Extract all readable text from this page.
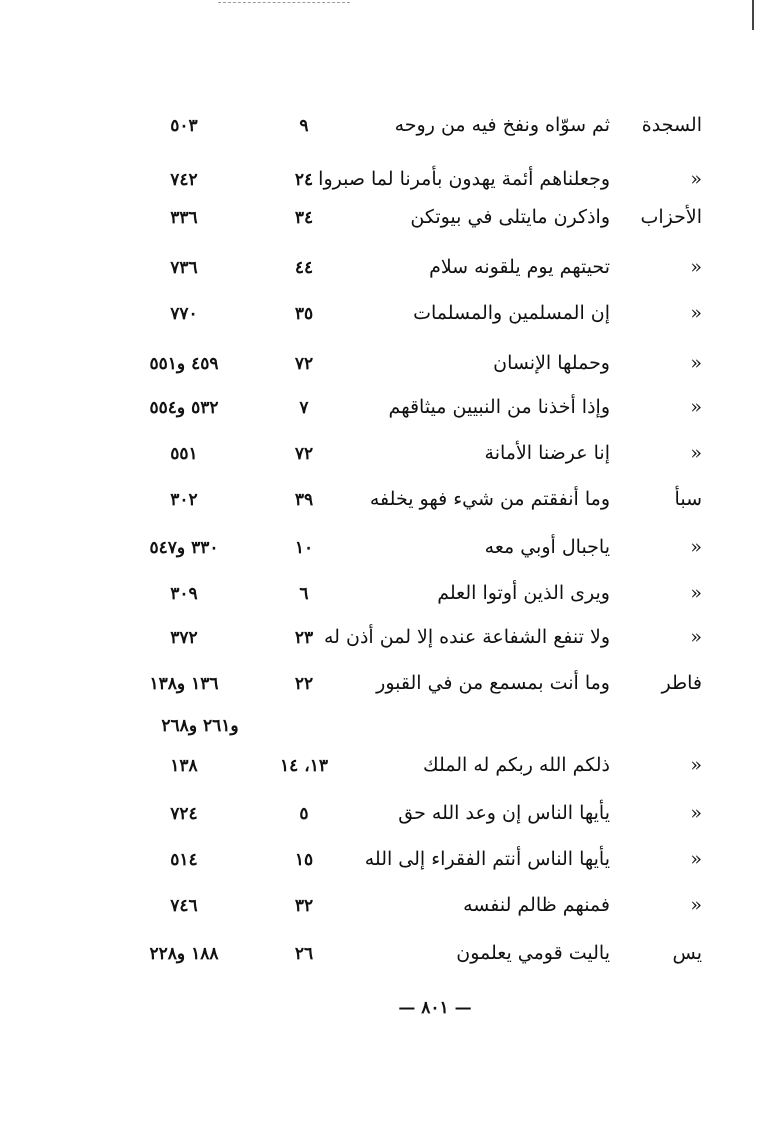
السجدة
ثم سوّاه ونفخ فيه من روحه
٩
٥٠٣
«
وجعلناهم أئمة يهدون بأمرنا لما صبروا
٢٤
٧٤٢
الأحزاب
واذكرن مايتلى في بيوتكن
٣٤
٣٣٦
«
تحيتهم يوم يلقونه سلام
٤٤
٧٣٦
«
إن المسلمين والمسلمات
٣٥
٧٧٠
«
وحملها الإنسان
٧٢
٤٥٩ و٥٥١
«
وإذا أخذنا من النبيين ميثاقهم
٧
٥٣٢ و٥٥٤
«
إنا عرضنا الأمانة
٧٢
٥٥١
سبأ
وما أنفقتم من شيء فهو يخلفه
٣٩
٣٠٢
«
ياجبال أوبي معه
١٠
٣٣٠ و٥٤٧
«
ويرى الذين أوتوا العلم
٦
٣٠٩
«
ولا تنفع الشفاعة عنده إلا لمن أذن له
٢٣
٣٧٢
فاطر
وما أنت بمسمع من في القبور
٢٢
١٣٦ و١٣٨
و٢٦١ و٢٦٨
«
ذلكم الله ربكم له الملك
١٣، ١٤
١٣٨
«
يأيها الناس إن وعد الله حق
٥
٧٢٤
«
يأيها الناس أنتم الفقراء إلى الله
١٥
٥١٤
«
فمنهم ظالم لنفسه
٣٢
٧٤٦
يس
ياليت قومي يعلمون
٢٦
١٨٨ و٢٢٨
— ٨٠١ —
